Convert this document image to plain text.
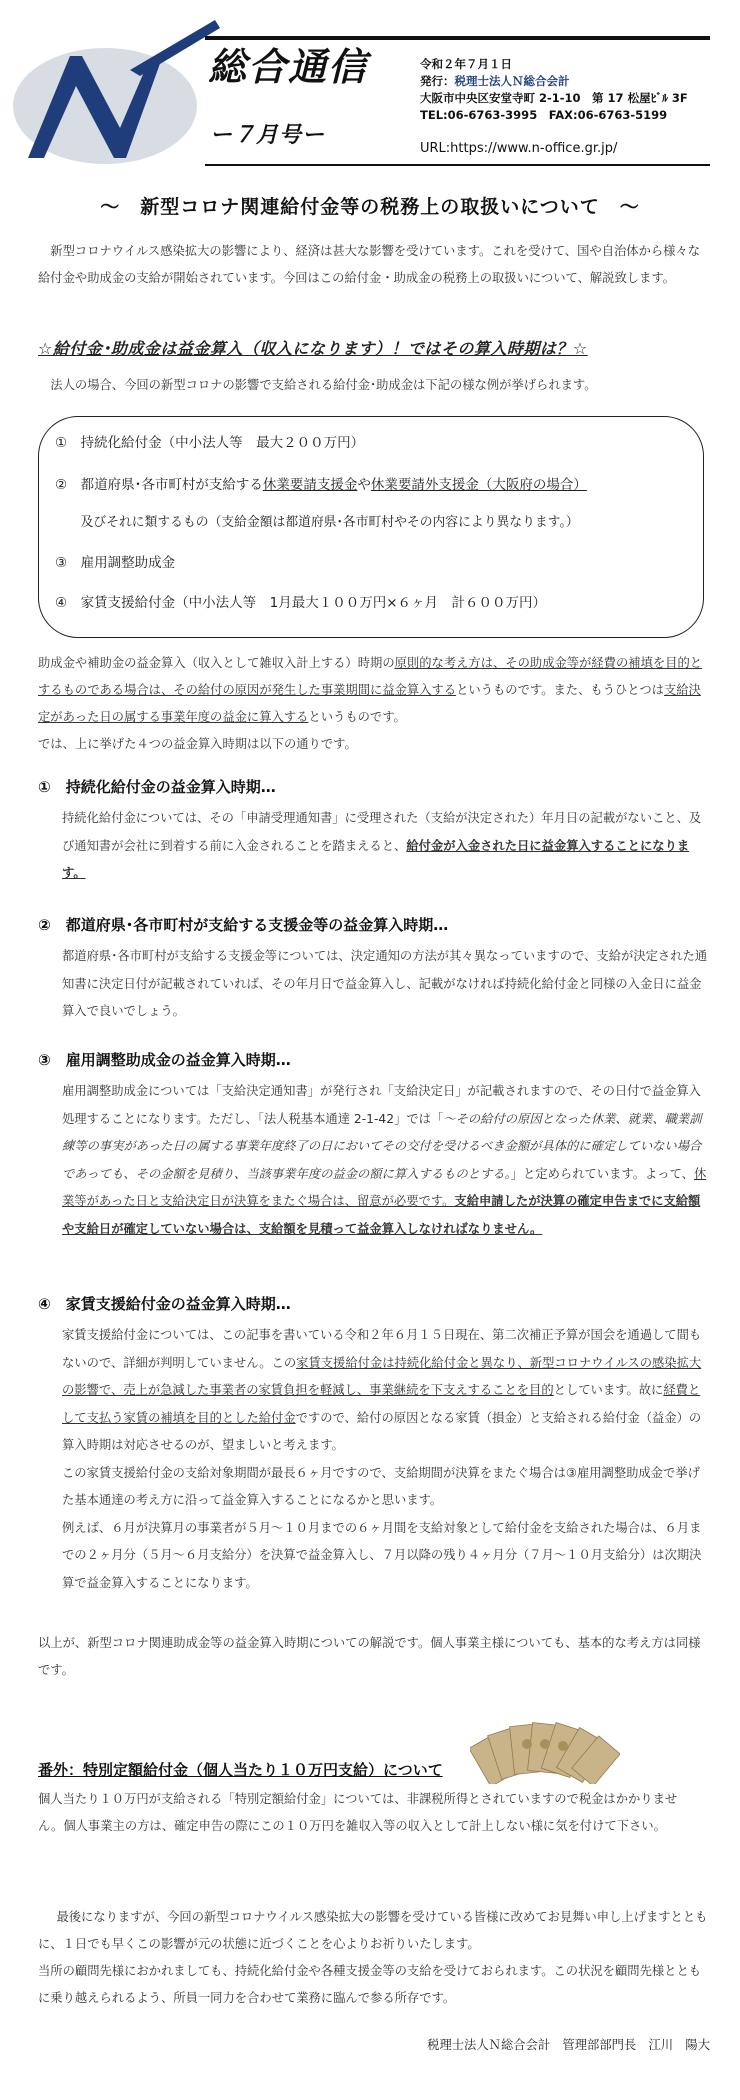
総合通信
ー７月号ー
令和２年７月１日
発行：税理士法人Ｎ総合会計
大阪市中央区安堂寺町 2-1-10　第 17 松屋ﾋﾞﾙ 3F
TEL:06-6763-3995　FAX:06-6763-5199
URL:https://www.n-office.gr.jp/
～　新型コロナ関連給付金等の税務上の取扱いについて　～
新型コロナウイルス感染拡大の影響により、経済は甚大な影響を受けています。これを受けて、国や自治体から様々な給付金や助成金の支給が開始されています。今回はこの給付金・助成金の税務上の取扱いについて、解説致します。
☆給付金･助成金は益金算入（収入になります）！ではその算入時期は？☆
法人の場合、今回の新型コロナの影響で支給される給付金･助成金は下記の様な例が挙げられます。
①　持続化給付金（中小法人等　最大２００万円）
②　都道府県･各市町村が支給する休業要請支援金や休業要請外支援金（大阪府の場合）
　　及びそれに類するもの（支給金額は都道府県･各市町村やその内容により異なります。）
③　雇用調整助成金
④　家賃支援給付金（中小法人等　1月最大１００万円×６ヶ月　計６００万円）
助成金や補助金の益金算入（収入として雑収入計上する）時期の原則的な考え方は、その助成金等が経費の補填を目的とするものである場合は、その給付の原因が発生した事業期間に益金算入するというものです。また、もうひとつは支給決定があった日の属する事業年度の益金に算入するというものです。
では、上に挙げた４つの益金算入時期は以下の通りです。
①　持続化給付金の益金算入時期…
持続化給付金については、その「申請受理通知書」に受理された（支給が決定された）年月日の記載がないこと、及び通知書が会社に到着する前に入金されることを踏まえると、給付金が入金された日に益金算入することになります。
②　都道府県･各市町村が支給する支援金等の益金算入時期…
都道府県･各市町村が支給する支援金等については、決定通知の方法が其々異なっていますので、支給が決定された通知書に決定日付が記載されていれば、その年月日で益金算入し、記載がなければ持続化給付金と同様の入金日に益金算入で良いでしょう。
③　雇用調整助成金の益金算入時期…
雇用調整助成金については「支給決定通知書」が発行され「支給決定日」が記載されますので、その日付で益金算入処理することになります。ただし、「法人税基本通達 2-1-42」では「～その給付の原因となった休業、就業、職業訓練等の事実があった日の属する事業年度終了の日においてその交付を受けるべき金額が具体的に確定していない場合であっても、その金額を見積り、当該事業年度の益金の額に算入するものとする。」と定められています。よって、休業等があった日と支給決定日が決算をまたぐ場合は、留意が必要です。支給申請したが決算の確定申告までに支給額や支給日が確定していない場合は、支給額を見積って益金算入しなければなりません。
④　家賃支援給付金の益金算入時期…
家賃支援給付金については、この記事を書いている令和２年６月１５日現在、第二次補正予算が国会を通過して間もないので、詳細が判明していません。この家賃支援給付金は持続化給付金と異なり、新型コロナウイルスの感染拡大の影響で、売上が急減した事業者の家賃負担を軽減し、事業継続を下支えすることを目的としています。故に経費として支払う家賃の補填を目的とした給付金ですので、給付の原因となる家賃（損金）と支給される給付金（益金）の算入時期は対応させるのが、望ましいと考えます。
この家賃支援給付金の支給対象期間が最長６ヶ月ですので、支給期間が決算をまたぐ場合は③雇用調整助成金で挙げた基本通達の考え方に沿って益金算入することになるかと思います。
例えば、６月が決算月の事業者が５月～１０月までの６ヶ月間を支給対象として給付金を支給された場合は、６月までの２ヶ月分（５月～６月支給分）を決算で益金算入し、７月以降の残り４ヶ月分（７月～１０月支給分）は次期決算で益金算入することになります。
以上が、新型コロナ関連助成金等の益金算入時期についての解説です。個人事業主様についても、基本的な考え方は同様です。
番外：特別定額給付金（個人当たり１０万円支給）について
個人当たり１０万円が支給される「特別定額給付金」については、非課税所得とされていますので税金はかかりません。個人事業主の方は、確定申告の際にこの１０万円を雑収入等の収入として計上しない様に気を付けて下さい。
最後になりますが、今回の新型コロナウイルス感染拡大の影響を受けている皆様に改めてお見舞い申し上げますとともに、１日でも早くこの影響が元の状態に近づくことを心よりお祈りいたします。
当所の顧問先様におかれましても、持続化給付金や各種支援金等の支給を受けておられます。この状況を顧問先様とともに乗り越えられるよう、所員一同力を合わせて業務に臨んで参る所存です。
税理士法人Ｎ総合会計　管理部部門長　江川　陽大
